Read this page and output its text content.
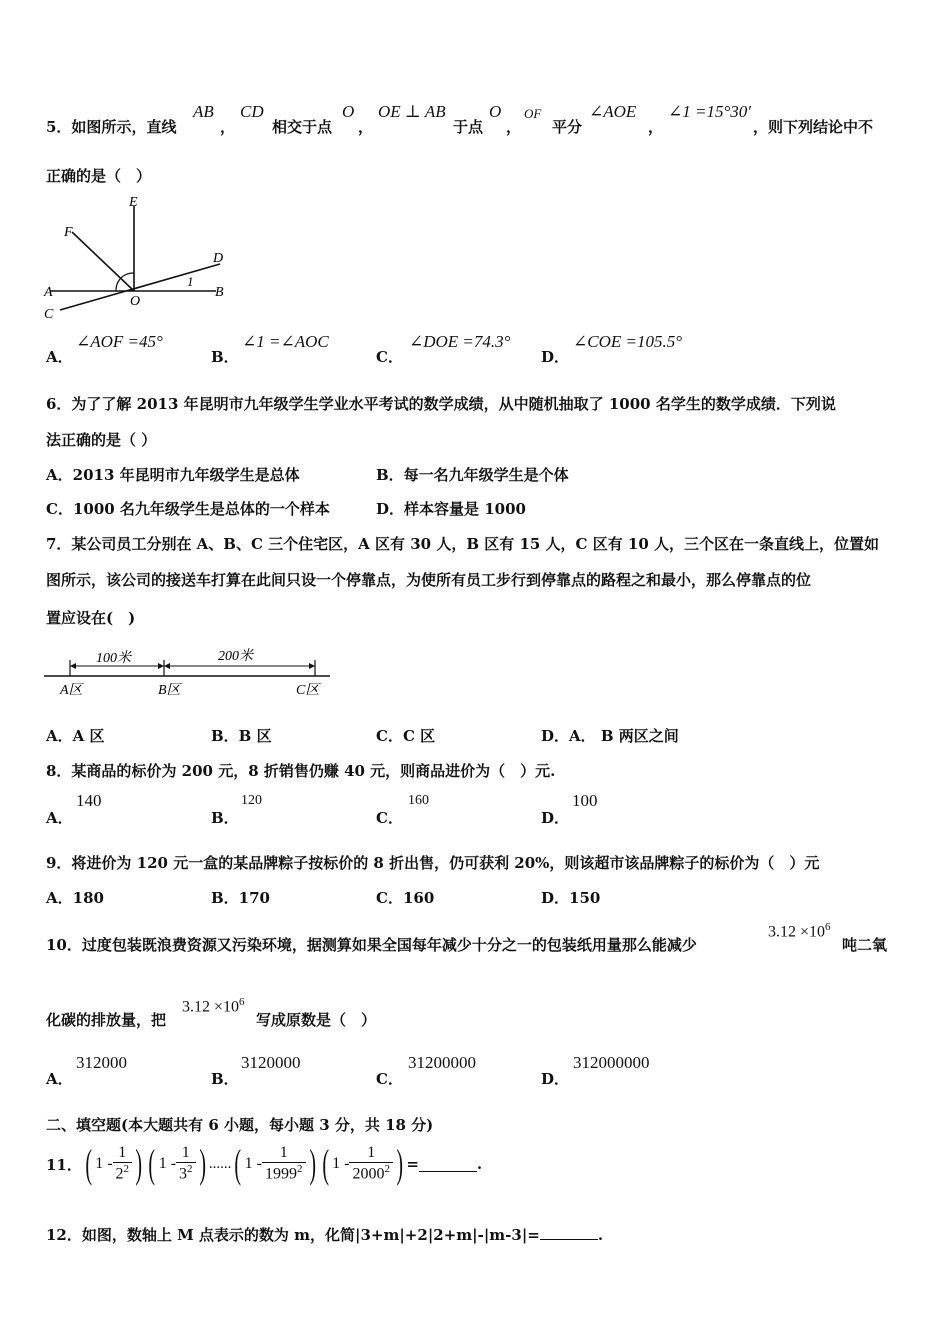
5．如图所示，直线
AB
，
CD
相交于点
O
，
OE ⊥ AB
于点
O
，
OF
平分
∠AOE
，
∠1 =15°30′
，则下列结论中不
正确的是（　）
E
F
D
A	B
C
O
1
A．
∠AOF =45°
B．
∠1 =∠AOC
C．
∠DOE =74.3°
D．
∠COE =105.5°
6．为了了解 2013 年昆明市九年级学生学业水平考试的数学成绩，从中随机抽取了 1000 名学生的数学成绩．下列说
法正确的是（ ）
A．2013 年昆明市九年级学生是总体	B．每一名九年级学生是个体
C．1000 名九年级学生是总体的一个样本	D．样本容量是 1000
7．某公司员工分别在 A、B、C 三个住宅区，A 区有 30 人，B 区有 15 人，C 区有 10 人，三个区在一条直线上，位置如
图所示，该公司的接送车打算在此间只设一个停靠点，为使所有员工步行到停靠点的路程之和最小，那么停靠点的位
置应设在(　)
100米	200米
A区	B区	C区
A．A 区	B．B 区	C．C 区	D．A． B 两区之间
8．某商品的标价为 200 元，8 折销售仍赚 40 元，则商品进价为（　）元.
A．
140
B．
120
C．
160
D．
100
9．将进价为 120 元一盒的某品牌粽子按标价的 8 折出售，仍可获利 20%，则该超市该品牌粽子的标价为（　）元
A．180	B．170	C．160	D．150
10．过度包装既浪费资源又污染环境，据测算如果全国每年减少十分之一的包装纸用量那么能减少
$3.12 \times 10^6$
吨二氧
化碳的排放量，把
$3.12 \times 10^6$
写成原数是（　）
A．
312000
B．
3120000
C．
31200000
D．
312000000
二、填空题(本大题共有 6 小题，每小题 3 分，共 18 分)
11． ( $1 - \frac{1}{2^2}$ ) ( $1 - \frac{1}{3^2}$ ) ...... ( $1 - \frac{1}{1999^2}$ ) ( $1 - \frac{1}{2000^2}$ ) =	.
12．如图，数轴上 M 点表示的数为 m，化简|3+m|+2|2+m|-|m-3|=	.
